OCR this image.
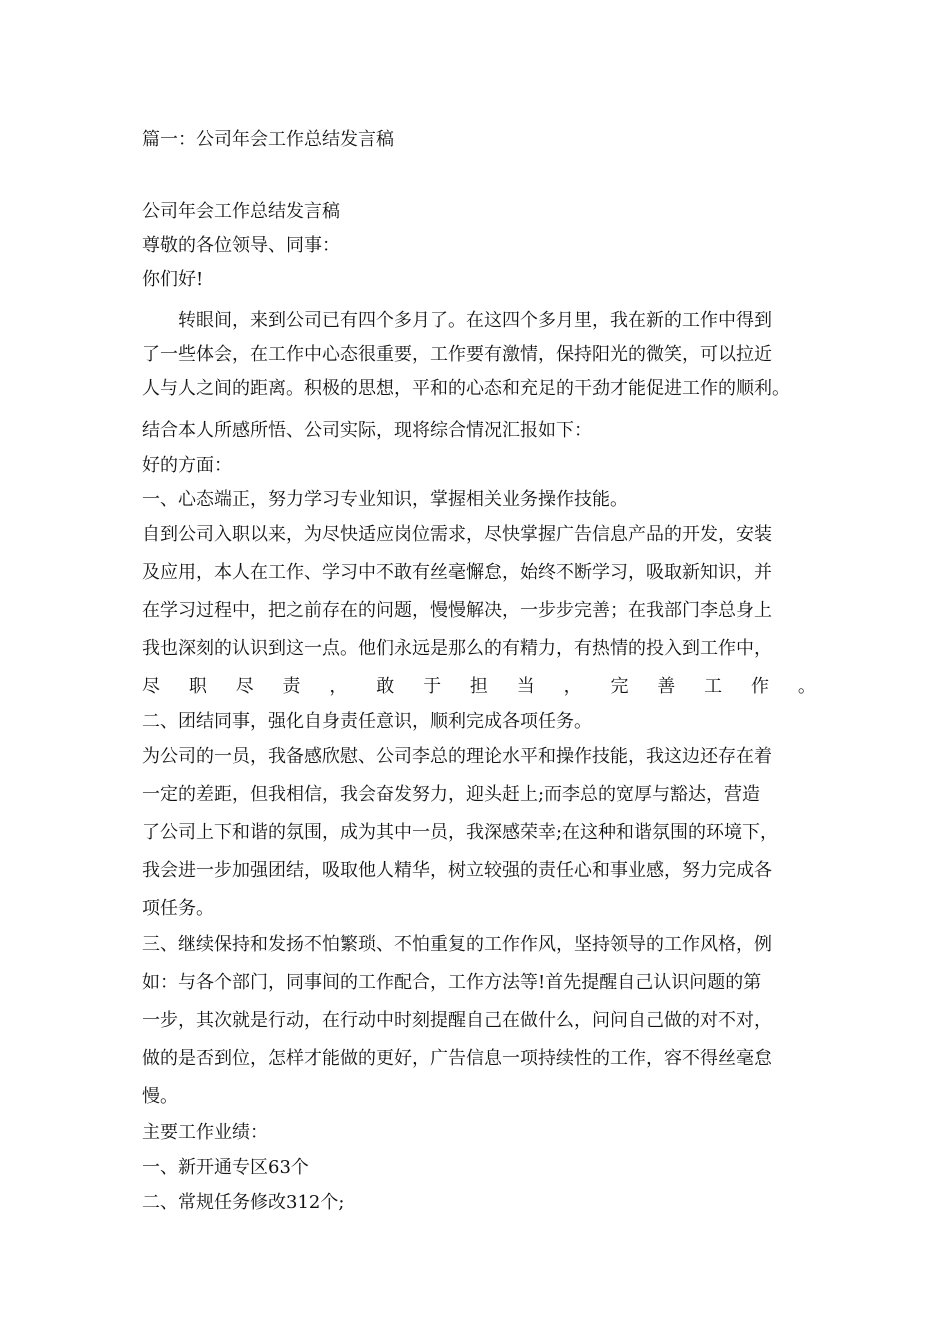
篇一：公司年会工作总结发言稿
公司年会工作总结发言稿
尊敬的各位领导、同事：
你们好!
　　转眼间，来到公司已有四个多月了。在这四个多月里，我在新的工作中得到
了一些体会，在工作中心态很重要，工作要有激情，保持阳光的微笑，可以拉近
人与人之间的距离。积极的思想，平和的心态和充足的干劲才能促进工作的顺利。
结合本人所感所悟、公司实际，现将综合情况汇报如下：
好的方面：
一、心态端正，努力学习专业知识，掌握相关业务操作技能。
自到公司入职以来，为尽快适应岗位需求，尽快掌握广告信息产品的开发，安装
及应用，本人在工作、学习中不敢有丝毫懈怠，始终不断学习，吸取新知识，并
在学习过程中，把之前存在的问题，慢慢解决，一步步完善；在我部门李总身上
我也深刻的认识到这一点。他们永远是那么的有精力，有热情的投入到工作中，
尽 职 尽 责 ， 敢 于 担 当 ， 完 善 工 作 。
二、团结同事，强化自身责任意识，顺利完成各项任务。
为公司的一员，我备感欣慰、公司李总的理论水平和操作技能，我这边还存在着
一定的差距，但我相信，我会奋发努力，迎头赶上;而李总的宽厚与豁达，营造
了公司上下和谐的氛围，成为其中一员，我深感荣幸;在这种和谐氛围的环境下，
我会进一步加强团结，吸取他人精华，树立较强的责任心和事业感，努力完成各
项任务。
三、继续保持和发扬不怕繁琐、不怕重复的工作作风，坚持领导的工作风格，例
如：与各个部门，同事间的工作配合，工作方法等!首先提醒自己认识问题的第
一步，其次就是行动，在行动中时刻提醒自己在做什么，问问自己做的对不对，
做的是否到位，怎样才能做的更好，广告信息一项持续性的工作，容不得丝毫怠
慢。
主要工作业绩：
一、新开通专区63个
二、常规任务修改312个;
